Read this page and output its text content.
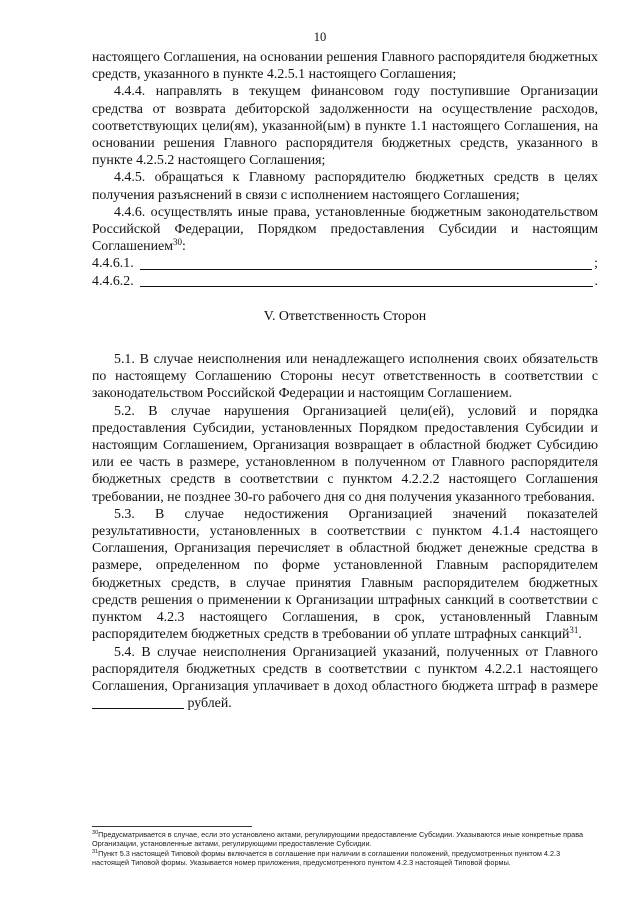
10

настоящего Соглашения, на основании решения Главного распорядителя бюджетных средств, указанного в пункте 4.2.5.1 настоящего Соглашения;

4.4.4. направлять в текущем финансовом году поступившие Организации средства от возврата дебиторской задолженности на осуществление расходов, соответствующих цели(ям), указанной(ым) в пункте 1.1 настоящего Соглашения, на основании решения Главного распорядителя бюджетных средств, указанного в пункте 4.2.5.2 настоящего Соглашения;

4.4.5. обращаться к Главному распорядителю бюджетных средств в целях получения разъяснений в связи с исполнением настоящего Соглашения;

4.4.6. осуществлять иные права, установленные бюджетным законодательством Российской Федерации, Порядком предоставления Субсидии и настоящим Соглашением$^{30}$:

4.4.6.1.	;
4.4.6.2.	.
V. Ответственность Сторон

5.1. В случае неисполнения или ненадлежащего исполнения своих обязательств по настоящему Соглашению Стороны несут ответственность в соответствии с законодательством Российской Федерации и настоящим Соглашением.

5.2. В случае нарушения Организацией цели(ей), условий и порядка предоставления Субсидии, установленных Порядком предоставления Субсидии и настоящим Соглашением, Организация возвращает в областной бюджет Субсидию или ее часть в размере, установленном в полученном от Главного распорядителя бюджетных средств в соответствии с пунктом 4.2.2.2 настоящего Соглашения требовании, не позднее 30-го рабочего дня со дня получения указанного требования.

5.3. В случае недостижения Организацией значений показателей результативности, установленных в соответствии с пунктом 4.1.4 настоящего Соглашения, Организация перечисляет в областной бюджет денежные средства в размере, определенном по форме установленной Главным распорядителем бюджетных средств, в случае принятия Главным распорядителем бюджетных средств решения о применении к Организации штрафных санкций в соответствии с пунктом 4.2.3 настоящего Соглашения, в срок, установленный Главным распорядителем бюджетных средств в требовании об уплате штрафных санкций$^{31}$.

5.4. В случае неисполнения Организацией указаний, полученных от Главного распорядителя бюджетных средств в соответствии с пунктом 4.2.2.1 настоящего Соглашения, Организация уплачивает в доход областного бюджета штраф в размере  рублей.

$^{30}$Предусматривается в случае, если это установлено актами, регулирующими предоставление Субсидии. Указываются иные конкретные права Организации, установленные актами, регулирующими предоставление Субсидии.

$^{31}$Пункт 5.3 настоящей Типовой формы включается в соглашение при наличии в соглашении положений, предусмотренных пунктом 4.2.3 настоящей Типовой формы. Указывается номер приложения, предусмотренного пунктом 4.2.3 настоящей Типовой формы.
